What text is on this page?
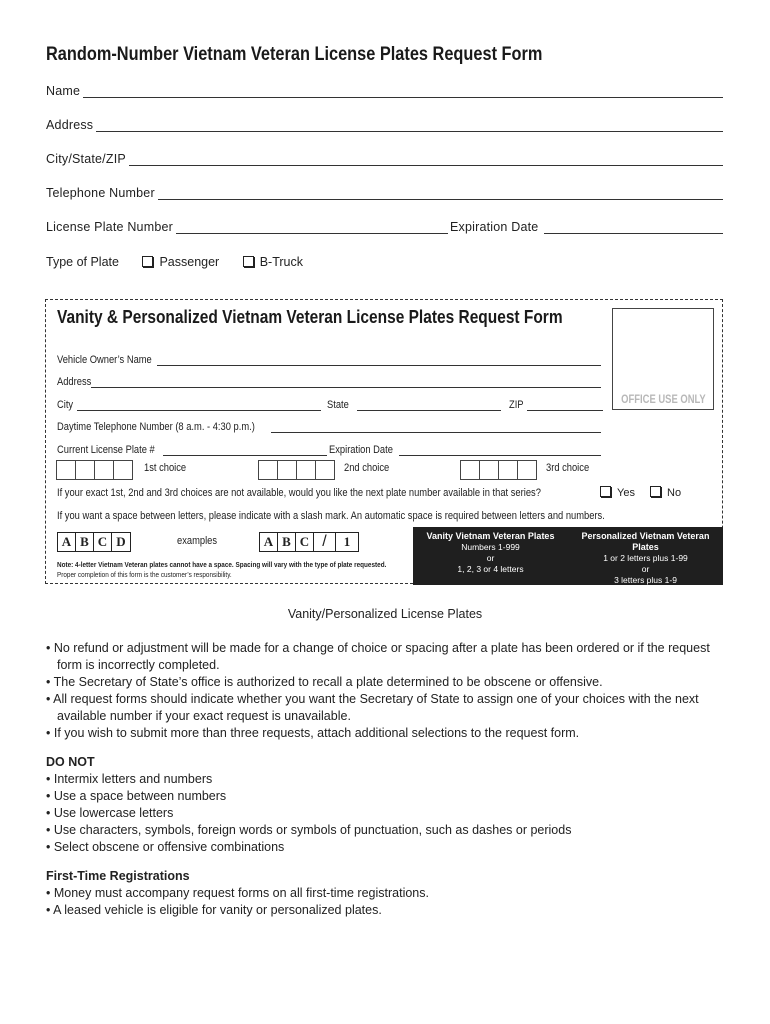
Random-Number Vietnam Veteran License Plates Request Form
Name
Address
City/State/ZIP
Telephone Number
License Plate Number	Expiration Date
Type of Plate	Passenger	B-Truck
Vanity & Personalized Vietnam Veteran License Plates Request Form
OFFICE USE ONLY
Vehicle Owner’s Name
Address
City	State	ZIP
Daytime Telephone Number (8 a.m. - 4:30 p.m.)
Current License Plate #	Expiration Date
1st choice	2nd choice	3rd choice
If your exact 1st, 2nd and 3rd choices are not available, would you like the next plate number available in that series?	Yes	No
If you want a space between letters, please indicate with a slash mark. An automatic space is required between letters and numbers.
A B C D	examples	A B C /	1
Note: 4-letter Vietnam Veteran plates cannot have a space. Spacing will vary with the type of plate requested.
Proper completion of this form is the customer’s responsibility.
Vanity Vietnam Veteran Plates
Numbers 1-999
or
1, 2, 3 or 4 letters
Personalized Vietnam Veteran Plates
1 or 2 letters plus 1-99
or
3 letters plus 1-9
Vanity/Personalized License Plates
• No refund or adjustment will be made for a change of choice or spacing after a plate has been ordered or if the request form is incorrectly completed.
• The Secretary of State’s office is authorized to recall a plate determined to be obscene or offensive.
• All request forms should indicate whether you want the Secretary of State to assign one of your choices with the next available number if your exact request is unavailable.
• If you wish to submit more than three requests, attach additional selections to the request form.
DO NOT
• Intermix letters and numbers
• Use a space between numbers
• Use lowercase letters
• Use characters, symbols, foreign words or symbols of punctuation, such as dashes or periods
• Select obscene or offensive combinations
First-Time Registrations
• Money must accompany request forms on all first-time registrations.
• A leased vehicle is eligible for vanity or personalized plates.
